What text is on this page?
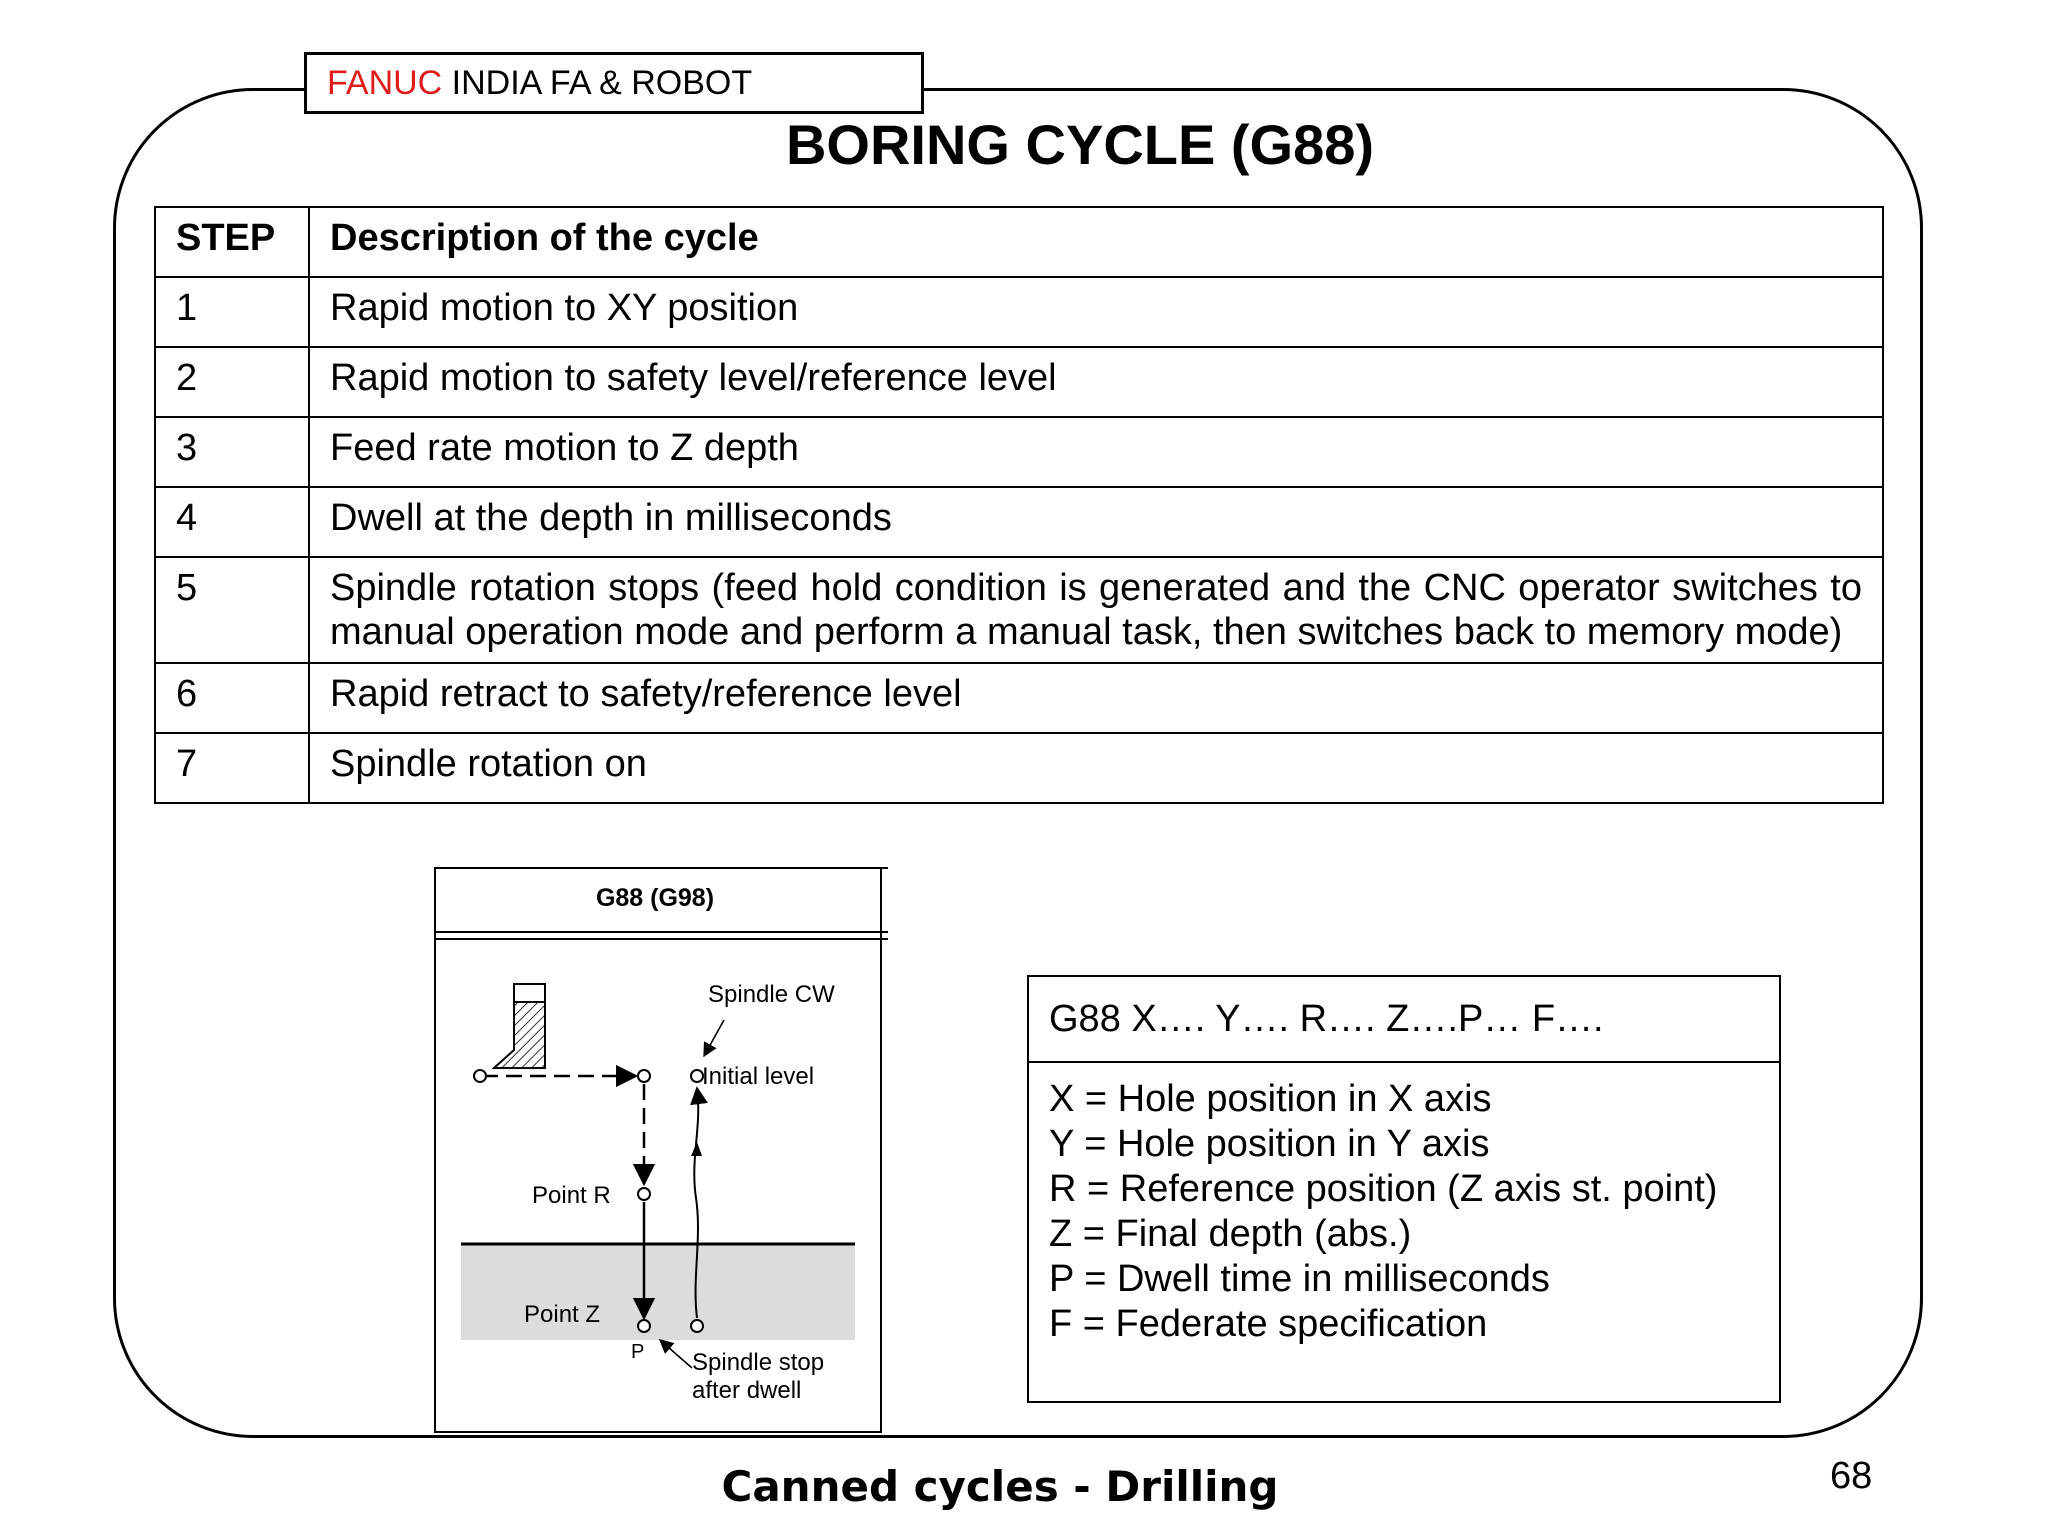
FANUC INDIA FA & ROBOT
BORING CYCLE (G88)
STEP	Description of the cycle
1	Rapid motion to XY position
2	Rapid motion to safety level/reference level
3	Feed rate motion to Z depth
4	Dwell at the depth in milliseconds
5	Spindle rotation stops (feed hold condition is generated and the CNC operator switches to manual operation mode and perform a manual task, then switches back to memory mode)
6	Rapid retract to safety/reference level
7	Spindle rotation on
G88 (G98)
Spindle CW
Initial level
Point R
Point Z
P Spindle stop
after dwell
G88 X…. Y…. R…. Z….P… F….
X = Hole position in X axis
Y = Hole position in Y axis
R = Reference position (Z axis st. point)
Z = Final depth (abs.)
P = Dwell time in milliseconds
F = Federate specification
Canned cycles - Drilling	68
